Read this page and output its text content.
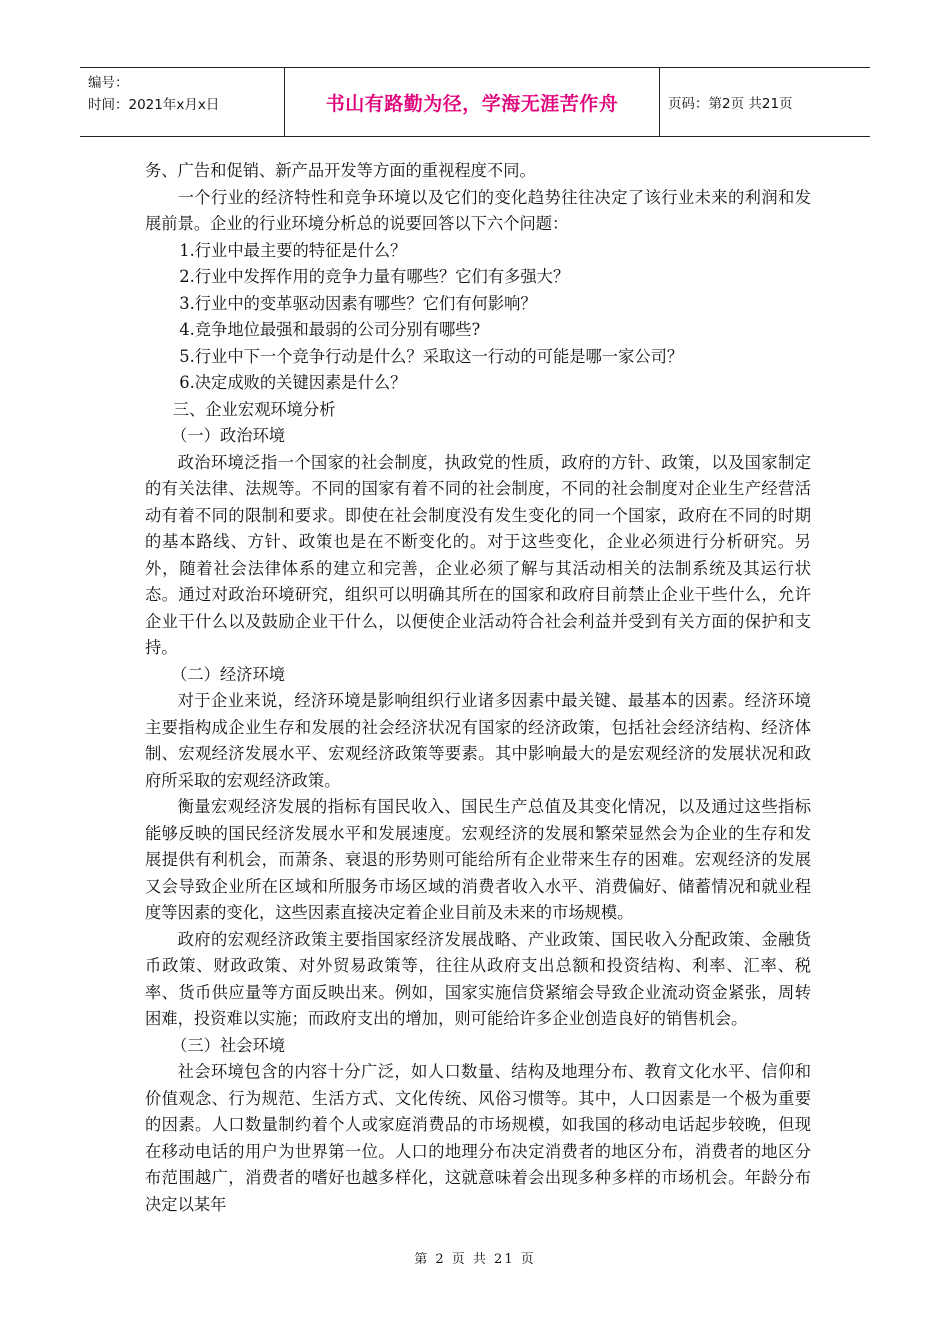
编号：
时间：2021年x月x日	书山有路勤为径，学海无涯苦作舟	页码：第2页 共21页

务、广告和促销、新产品开发等方面的重视程度不同。

一个行业的经济特性和竞争环境以及它们的变化趋势往往决定了该行业未来的利润和发展前景。企业的行业环境分析总的说要回答以下六个问题：

1.行业中最主要的特征是什么？

2.行业中发挥作用的竞争力量有哪些？它们有多强大？

3.行业中的变革驱动因素有哪些？它们有何影响？

4.竞争地位最强和最弱的公司分别有哪些?

5.行业中下一个竞争行动是什么？采取这一行动的可能是哪一家公司？

6.决定成败的关键因素是什么？

三、企业宏观环境分析

（一）政治环境

政治环境泛指一个国家的社会制度，执政党的性质，政府的方针、政策，以及国家制定的有关法律、法规等。不同的国家有着不同的社会制度，不同的社会制度对企业生产经营活动有着不同的限制和要求。即使在社会制度没有发生变化的同一个国家，政府在不同的时期的基本路线、方针、政策也是在不断变化的。对于这些变化，企业必须进行分析研究。另外，随着社会法律体系的建立和完善，企业必须了解与其活动相关的法制系统及其运行状态。通过对政治环境研究，组织可以明确其所在的国家和政府目前禁止企业干些什么，允许企业干什么以及鼓励企业干什么，以便使企业活动符合社会利益并受到有关方面的保护和支持。

（二）经济环境

对于企业来说，经济环境是影响组织行业诸多因素中最关键、最基本的因素。经济环境主要指构成企业生存和发展的社会经济状况有国家的经济政策，包括社会经济结构、经济体制、宏观经济发展水平、宏观经济政策等要素。其中影响最大的是宏观经济的发展状况和政府所采取的宏观经济政策。

衡量宏观经济发展的指标有国民收入、国民生产总值及其变化情况，以及通过这些指标能够反映的国民经济发展水平和发展速度。宏观经济的发展和繁荣显然会为企业的生存和发展提供有利机会，而萧条、衰退的形势则可能给所有企业带来生存的困难。宏观经济的发展又会导致企业所在区域和所服务市场区域的消费者收入水平、消费偏好、储蓄情况和就业程度等因素的变化，这些因素直接决定着企业目前及未来的市场规模。

政府的宏观经济政策主要指国家经济发展战略、产业政策、国民收入分配政策、金融货币政策、财政政策、对外贸易政策等，往往从政府支出总额和投资结构、利率、汇率、税率、货币供应量等方面反映出来。例如，国家实施信贷紧缩会导致企业流动资金紧张，周转困难，投资难以实施；而政府支出的增加，则可能给许多企业创造良好的销售机会。

（三）社会环境

社会环境包含的内容十分广泛，如人口数量、结构及地理分布、教育文化水平、信仰和价值观念、行为规范、生活方式、文化传统、风俗习惯等。其中，人口因素是一个极为重要的因素。人口数量制约着个人或家庭消费品的市场规模，如我国的移动电话起步较晚，但现在移动电话的用户为世界第一位。人口的地理分布决定消费者的地区分布，消费者的地区分布范围越广，消费者的嗜好也越多样化，这就意味着会出现多种多样的市场机会。年龄分布决定以某年

第 2 页 共 21 页
